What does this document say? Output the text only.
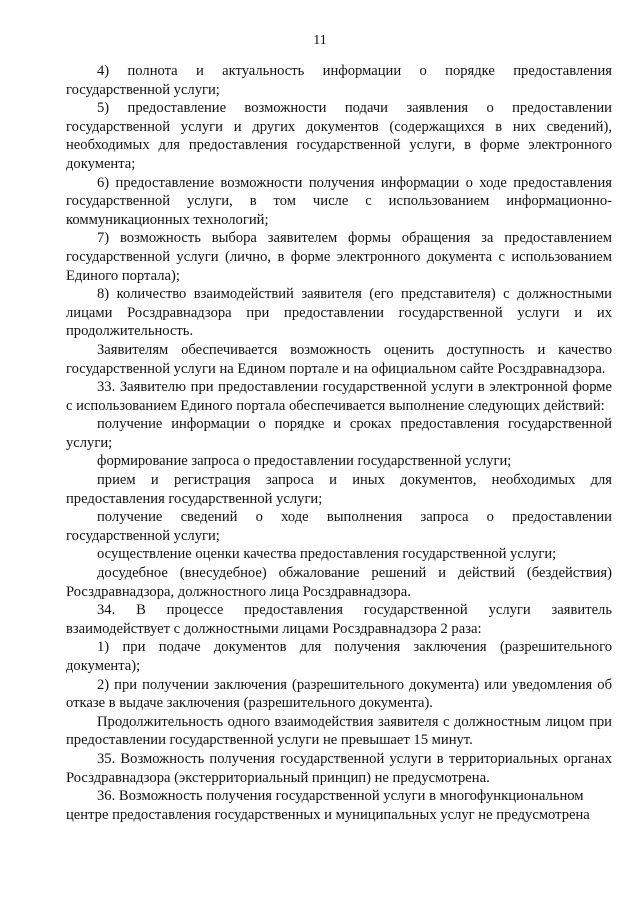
11

4) полнота и актуальность информации о порядке предоставления государственной услуги;

5) предоставление возможности подачи заявления о предоставлении государственной услуги и других документов (содержащихся в них сведений), необходимых для предоставления государственной услуги, в форме электронного документа;

6) предоставление возможности получения информации о ходе предоставления государственной услуги, в том числе с использованием информационно-коммуникационных технологий;

7) возможность выбора заявителем формы обращения за предоставлением государственной услуги (лично, в форме электронного документа с использованием Единого портала);

8) количество взаимодействий заявителя (его представителя) с должностными лицами Росздравнадзора при предоставлении государственной услуги и их продолжительность.

Заявителям обеспечивается возможность оценить доступность и качество государственной услуги на Едином портале и на официальном сайте Росздравнадзора.

33. Заявителю при предоставлении государственной услуги в электронной форме с использованием Единого портала обеспечивается выполнение следующих действий:

получение информации о порядке и сроках предоставления государственной услуги;

формирование запроса о предоставлении государственной услуги;

прием и регистрация запроса и иных документов, необходимых для предоставления государственной услуги;

получение сведений о ходе выполнения запроса о предоставлении государственной услуги;

осуществление оценки качества предоставления государственной услуги;

досудебное (внесудебное) обжалование решений и действий (бездействия) Росздравнадзора, должностного лица Росздравнадзора.

34. В процессе предоставления государственной услуги заявитель взаимодействует с должностными лицами Росздравнадзора 2 раза:

1) при подаче документов для получения заключения (разрешительного документа);

2) при получении заключения (разрешительного документа) или уведомления об отказе в выдаче заключения (разрешительного документа).

Продолжительность одного взаимодействия заявителя с должностным лицом при предоставлении государственной услуги не превышает 15 минут.

35. Возможность получения государственной услуги в территориальных органах Росздравнадзора (экстерриториальный принцип) не предусмотрена.

36. Возможность получения государственной услуги в многофункциональном центре предоставления государственных и муниципальных услуг не предусмотрена
